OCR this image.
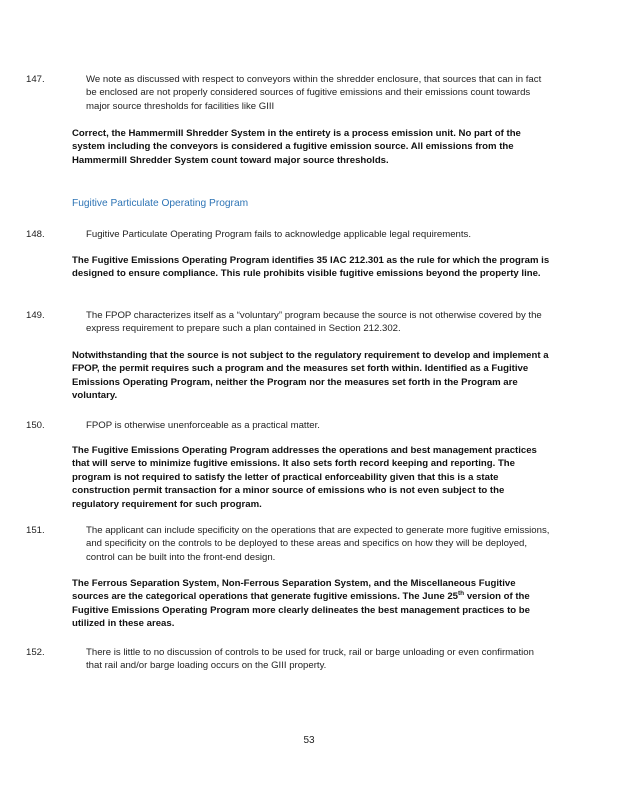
147.	We note as discussed with respect to conveyors within the shredder enclosure, that sources that can in fact be enclosed are not properly considered sources of fugitive emissions and their emissions count towards major source thresholds for facilities like GIII
Correct, the Hammermill Shredder System in the entirety is a process emission unit. No part of the system including the conveyors is considered a fugitive emission source. All emissions from the Hammermill Shredder System count toward major source thresholds.
Fugitive Particulate Operating Program
148.	Fugitive Particulate Operating Program fails to acknowledge applicable legal requirements.
The Fugitive Emissions Operating Program identifies 35 IAC 212.301 as the rule for which the program is designed to ensure compliance. This rule prohibits visible fugitive emissions beyond the property line.
149.	The FPOP characterizes itself as a “voluntary” program because the source is not otherwise covered by the express requirement to prepare such a plan contained in Section 212.302.
Notwithstanding that the source is not subject to the regulatory requirement to develop and implement a FPOP, the permit requires such a program and the measures set forth within. Identified as a Fugitive Emissions Operating Program, neither the Program nor the measures set forth in the Program are voluntary.
150.	FPOP is otherwise unenforceable as a practical matter.
The Fugitive Emissions Operating Program addresses the operations and best management practices that will serve to minimize fugitive emissions. It also sets forth record keeping and reporting. The program is not required to satisfy the letter of practical enforceability given that this is a state construction permit transaction for a minor source of emissions who is not even subject to the regulatory requirement for such program.
151.	The applicant can include specificity on the operations that are expected to generate more fugitive emissions, and specificity on the controls to be deployed to these areas and specifics on how they will be deployed, control can be built into the front-end design.
The Ferrous Separation System, Non-Ferrous Separation System, and the Miscellaneous Fugitive sources are the categorical operations that generate fugitive emissions. The June 25th version of the Fugitive Emissions Operating Program more clearly delineates the best management practices to be utilized in these areas.
152.	There is little to no discussion of controls to be used for truck, rail or barge unloading or even confirmation that rail and/or barge loading occurs on the GIII property.
53
